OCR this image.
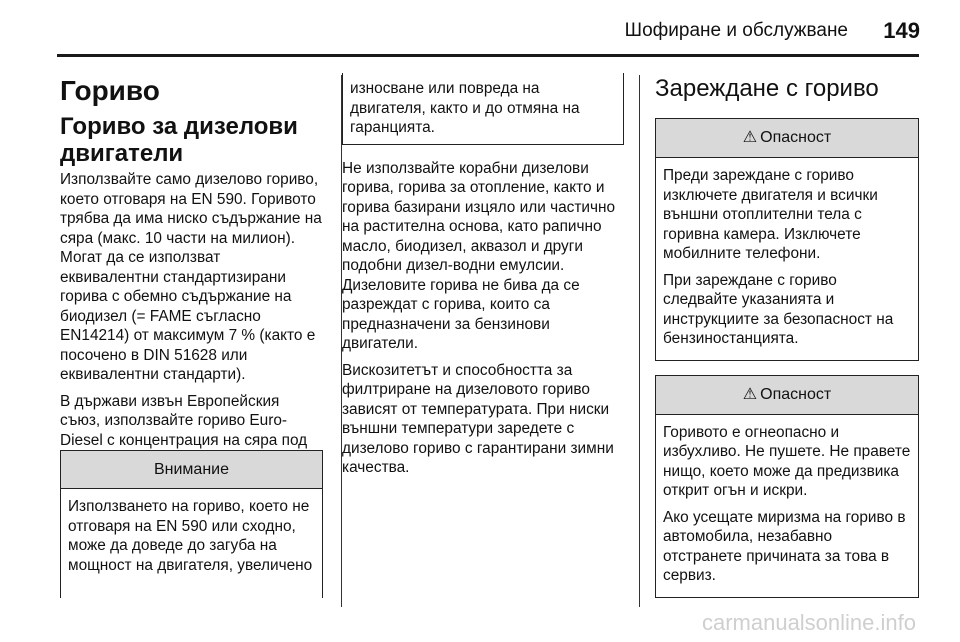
Шофиране и обслужване 149
Гориво
Гориво за дизелови двигатели

Използвайте само дизелово гориво, което отговаря на EN 590. Горивото трябва да има ниско съдържание на сяра (макс. 10 части на милион). Могат да се използват еквивалентни стандартизирани горива с обемно съдържание на биодизел (= FAME съгласно EN14214) от максимум 7 % (както е посочено в DIN 51628 или еквивалентни стандарти).

В държави извън Европейския съюз, използвайте гориво Euro-Diesel с концентрация на сяра под

Внимание

Използването на гориво, което не отговаря на EN 590 или сходно, може да доведе до загуба на мощност на двигателя, увеличено

износване или повреда на двигателя, както и до отмяна на гаранцията.

Не използвайте корабни дизелови горива, горива за отопление, както и горива базирани изцяло или частично на растителна основа, като рапично масло, биодизел, аквазол и други подобни дизел-водни емулсии. Дизеловите горива не бива да се разреждат с горива, които са предназначени за бензинови двигатели.

Вискозитетът и способността за филтриране на дизеловото гориво зависят от температурата. При ниски външни температури заредете с дизелово гориво с гарантирани зимни качества.

Зареждане с гориво
⚠ Опасност

Преди зареждане с гориво изключете двигателя и всички външни отоплителни тела с горивна камера. Изключете мобилните телефони.

При зареждане с гориво следвайте указанията и инструкциите за безопасност на бензиностанцията.

⚠ Опасност

Горивото е огнеопасно и избухливо. Не пушете. Не правете нищо, което може да предизвика открит огън и искри.

Ако усещате миризма на гориво в автомобила, незабавно отстранете причината за това в сервиз.

carmanualsonline.info
